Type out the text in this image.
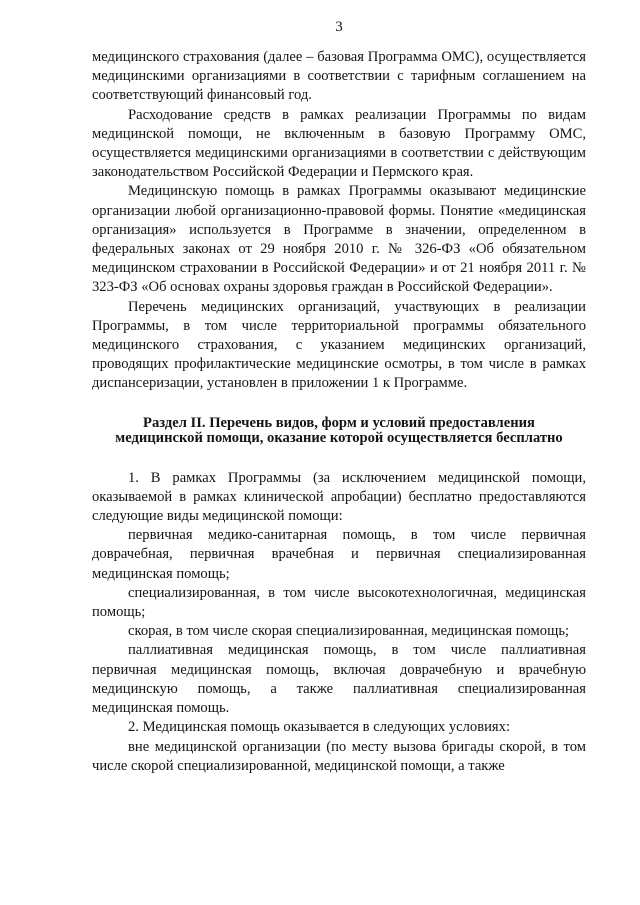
3

медицинского страхования (далее – базовая Программа ОМС), осуществляется медицинскими организациями в соответствии с тарифным соглашением на соответствующий финансовый год.

Расходование средств в рамках реализации Программы по видам медицинской помощи, не включенным в базовую Программу ОМС, осуществляется медицинскими организациями в соответствии с действующим законодательством Российской Федерации и Пермского края.

Медицинскую помощь в рамках Программы оказывают медицинские организации любой организационно-правовой формы. Понятие «медицинская организация» используется в Программе в значении, определенном в федеральных законах от 29 ноября 2010 г. № 326-ФЗ «Об обязательном медицинском страховании в Российской Федерации» и от 21 ноября 2011 г. № 323-ФЗ «Об основах охраны здоровья граждан в Российской Федерации».

Перечень медицинских организаций, участвующих в реализации Программы, в том числе территориальной программы обязательного медицинского страхования, с указанием медицинских организаций, проводящих профилактические медицинские осмотры, в том числе в рамках диспансеризации, установлен в приложении 1 к Программе.

Раздел II. Перечень видов, форм и условий предоставления
медицинской помощи, оказание которой осуществляется бесплатно

1. В рамках Программы (за исключением медицинской помощи, оказываемой в рамках клинической апробации) бесплатно предоставляются следующие виды медицинской помощи:

первичная медико-санитарная помощь, в том числе первичная доврачебная, первичная врачебная и первичная специализированная медицинская помощь;

специализированная, в том числе высокотехнологичная, медицинская помощь;

скорая, в том числе скорая специализированная, медицинская помощь;

паллиативная медицинская помощь, в том числе паллиативная первичная медицинская помощь, включая доврачебную и врачебную медицинскую помощь, а также паллиативная специализированная медицинская помощь.

2. Медицинская помощь оказывается в следующих условиях:

вне медицинской организации (по месту вызова бригады скорой, в том числе скорой специализированной, медицинской помощи, а также
